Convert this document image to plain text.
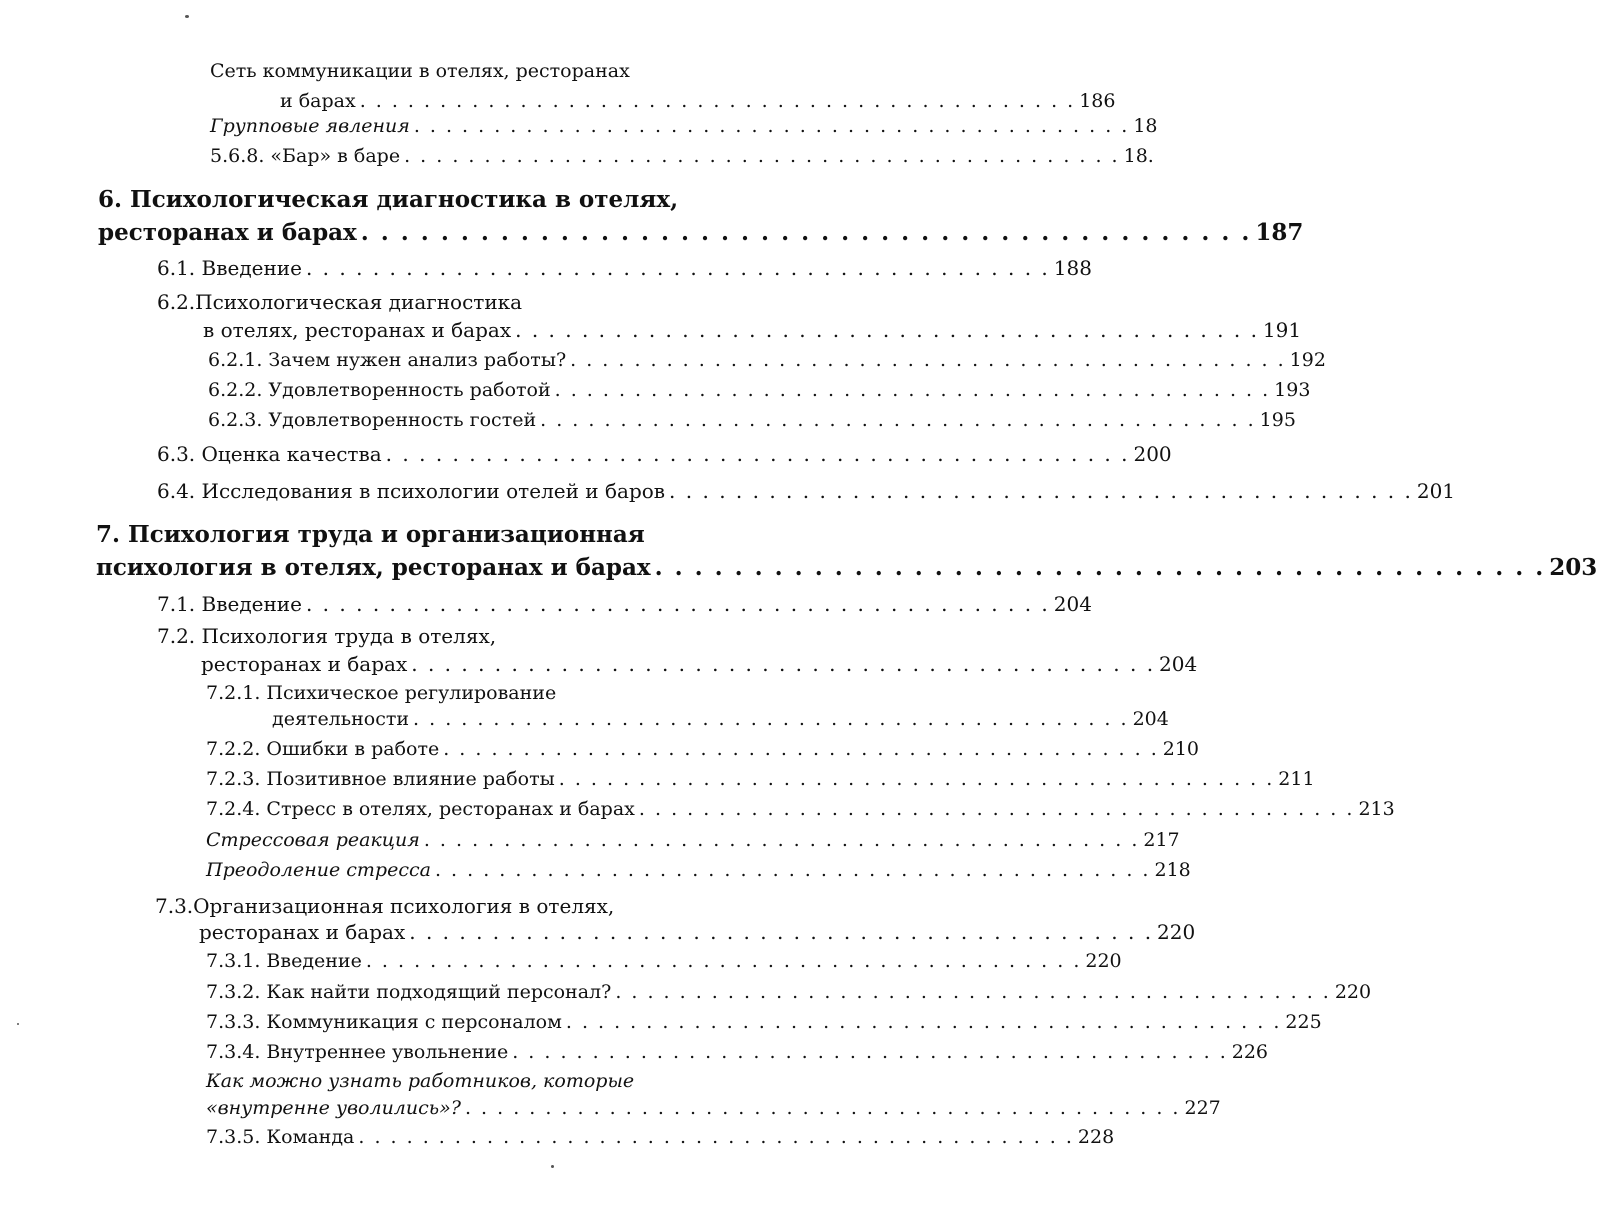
Сеть коммуникации в отелях, ресторанах
и барах . . . . . . . . . . . . . . . . . . . . . . . . . . . . . . . . . . . . . . . . . . . . . 186
Групповые явления . . . . . . . . . . . . . . . . . . . . . . . . . . . . . . . . . . . . . . . . . . . . . 18
5.6.8. «Бар» в баре . . . . . . . . . . . . . . . . . . . . . . . . . . . . . . . . . . . . . . . . . . . . . 18.
6. Психологическая диагностика в отелях,
ресторанах и барах . . . . . . . . . . . . . . . . . . . . . . . . . . . . . . . . . . . . . . . . . . . . . 187
6.1. Введение . . . . . . . . . . . . . . . . . . . . . . . . . . . . . . . . . . . . . . . . . . . . . 188
6.2.Психологическая диагностика
в отелях, ресторанах и барах . . . . . . . . . . . . . . . . . . . . . . . . . . . . . . . . . . . . . . . . . . . . . 191
6.2.1. Зачем нужен анализ работы? . . . . . . . . . . . . . . . . . . . . . . . . . . . . . . . . . . . . . . . . . . . . . 192
6.2.2. Удовлетворенность работой . . . . . . . . . . . . . . . . . . . . . . . . . . . . . . . . . . . . . . . . . . . . . 193
6.2.3. Удовлетворенность гостей . . . . . . . . . . . . . . . . . . . . . . . . . . . . . . . . . . . . . . . . . . . . . 195
6.3. Оценка качества . . . . . . . . . . . . . . . . . . . . . . . . . . . . . . . . . . . . . . . . . . . . . 200
6.4. Исследования в психологии отелей и баров . . . . . . . . . . . . . . . . . . . . . . . . . . . . . . . . . . . . . . . . . . . . . 201
7. Психология труда и организационная
психология в отелях, ресторанах и барах . . . . . . . . . . . . . . . . . . . . . . . . . . . . . . . . . . . . . . . . . . . . . 203
7.1. Введение . . . . . . . . . . . . . . . . . . . . . . . . . . . . . . . . . . . . . . . . . . . . . 204
7.2. Психология труда в отелях,
ресторанах и барах . . . . . . . . . . . . . . . . . . . . . . . . . . . . . . . . . . . . . . . . . . . . . 204
7.2.1. Психическое регулирование
деятельности . . . . . . . . . . . . . . . . . . . . . . . . . . . . . . . . . . . . . . . . . . . . . 204
7.2.2. Ошибки в работе . . . . . . . . . . . . . . . . . . . . . . . . . . . . . . . . . . . . . . . . . . . . . 210
7.2.3. Позитивное влияние работы . . . . . . . . . . . . . . . . . . . . . . . . . . . . . . . . . . . . . . . . . . . . . 211
7.2.4. Стресс в отелях, ресторанах и барах . . . . . . . . . . . . . . . . . . . . . . . . . . . . . . . . . . . . . . . . . . . . . 213
Стрессовая реакция . . . . . . . . . . . . . . . . . . . . . . . . . . . . . . . . . . . . . . . . . . . . . 217
Преодоление стресса . . . . . . . . . . . . . . . . . . . . . . . . . . . . . . . . . . . . . . . . . . . . . 218
7.3.Организационная психология в отелях,
ресторанах и барах . . . . . . . . . . . . . . . . . . . . . . . . . . . . . . . . . . . . . . . . . . . . . 220
7.3.1. Введение . . . . . . . . . . . . . . . . . . . . . . . . . . . . . . . . . . . . . . . . . . . . . 220
7.3.2. Как найти подходящий персонал? . . . . . . . . . . . . . . . . . . . . . . . . . . . . . . . . . . . . . . . . . . . . . 220
7.3.3. Коммуникация с персоналом . . . . . . . . . . . . . . . . . . . . . . . . . . . . . . . . . . . . . . . . . . . . . 225
7.3.4. Внутреннее увольнение . . . . . . . . . . . . . . . . . . . . . . . . . . . . . . . . . . . . . . . . . . . . . 226
Как можно узнать работников, которые
«внутренне уволились»? . . . . . . . . . . . . . . . . . . . . . . . . . . . . . . . . . . . . . . . . . . . . . 227
7.3.5. Команда . . . . . . . . . . . . . . . . . . . . . . . . . . . . . . . . . . . . . . . . . . . . . 228
